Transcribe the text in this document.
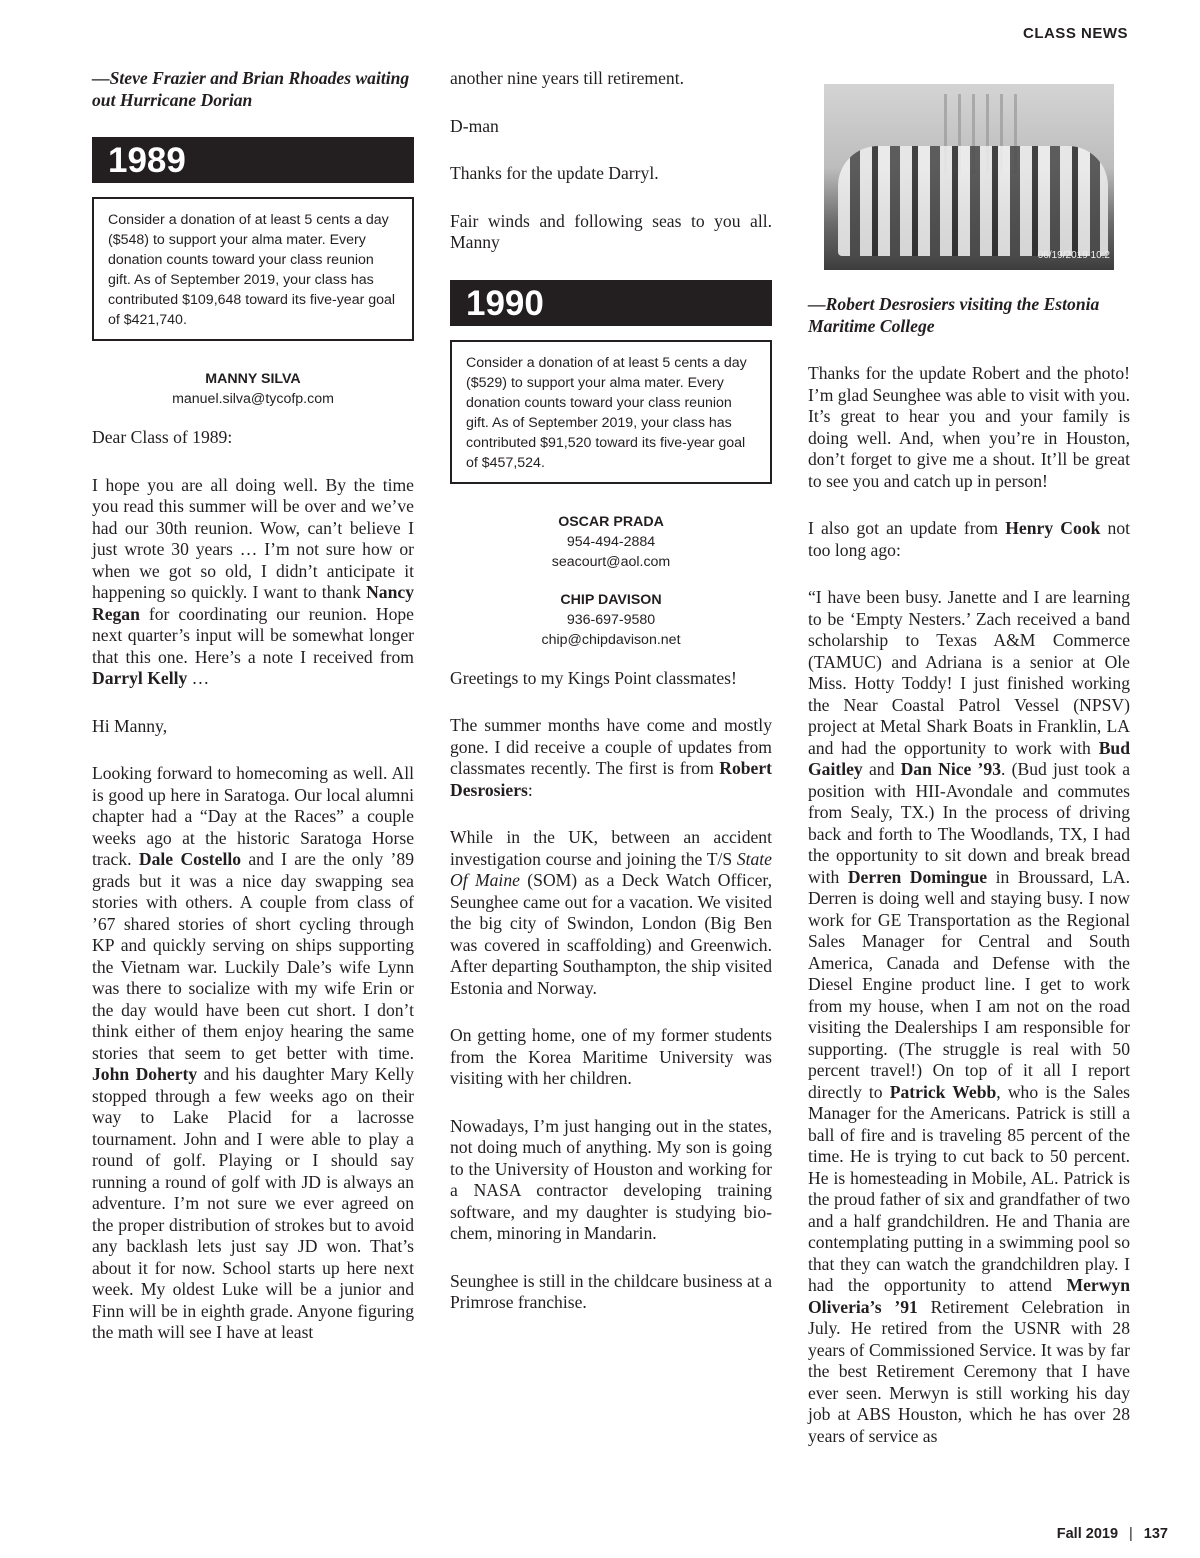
CLASS NEWS

—Steve Frazier and Brian Rhoades waiting out Hurricane Dorian

1989
Consider a donation of at least 5 cents a day ($548) to support your alma mater. Every donation counts toward your class reunion gift. As of September 2019, your class has contributed $109,648 toward its five-year goal of $421,740.
MANNY SILVA
manuel.silva@tycofp.com

Dear Class of 1989:

I hope you are all doing well. By the time you read this summer will be over and we’ve had our 30th reunion. Wow, can’t believe I just wrote 30 years … I’m not sure how or when we got so old, I didn’t anticipate it happening so quickly. I want to thank Nancy Regan for coordinating our reunion. Hope next quarter’s input will be somewhat longer that this one. Here’s a note I received from Darryl Kelly …

Hi Manny,

Looking forward to homecoming as well. All is good up here in Saratoga. Our local alumni chapter had a “Day at the Races” a couple weeks ago at the historic Saratoga Horse track. Dale Costello and I are the only ’89 grads but it was a nice day swapping sea stories with others. A couple from class of ’67 shared stories of short cycling through KP and quickly serving on ships supporting the Vietnam war. Luckily Dale’s wife Lynn was there to socialize with my wife Erin or the day would have been cut short. I don’t think either of them enjoy hearing the same stories that seem to get better with time. John Doherty and his daughter Mary Kelly stopped through a few weeks ago on their way to Lake Placid for a lacrosse tournament. John and I were able to play a round of golf. Playing or I should say running a round of golf with JD is always an adventure. I’m not sure we ever agreed on the proper distribution of strokes but to avoid any backlash lets just say JD won. That’s about it for now. School starts up here next week. My oldest Luke will be a junior and Finn will be in eighth grade. Anyone figuring the math will see I have at least

another nine years till retirement.

D-man

Thanks for the update Darryl.

Fair winds and following seas to you all. Manny

1990
Consider a donation of at least 5 cents a day ($529) to support your alma mater. Every donation counts toward your class reunion gift. As of September 2019, your class has contributed $91,520 toward its five-year goal of $457,524.
OSCAR PRADA
954-494-2884
seacourt@aol.com
CHIP DAVISON
936-697-9580
chip@chipdavison.net

Greetings to my Kings Point classmates!

The summer months have come and mostly gone. I did receive a couple of updates from classmates recently. The first is from Robert Desrosiers:

While in the UK, between an accident investigation course and joining the T/S State Of Maine (SOM) as a Deck Watch Officer, Seunghee came out for a vacation. We visited the big city of Swindon, London (Big Ben was covered in scaffolding) and Greenwich. After departing Southampton, the ship visited Estonia and Norway.

On getting home, one of my former students from the Korea Maritime University was visiting with her children.

Nowadays, I’m just hanging out in the states, not doing much of anything. My son is going to the University of Houston and working for a NASA contractor developing training software, and my daughter is studying bio-chem, minoring in Mandarin.

Seunghee is still in the childcare business at a Primrose franchise.

06/19/2019 10:2

—Robert Desrosiers visiting the Estonia Maritime College

Thanks for the update Robert and the photo! I’m glad Seunghee was able to visit with you. It’s great to hear you and your family is doing well. And, when you’re in Houston, don’t forget to give me a shout. It’ll be great to see you and catch up in person!

I also got an update from Henry Cook not too long ago:

“I have been busy. Janette and I are learning to be ‘Empty Nesters.’ Zach received a band scholarship to Texas A&M Commerce (TAMUC) and Adriana is a senior at Ole Miss. Hotty Toddy! I just finished working the Near Coastal Patrol Vessel (NPSV) project at Metal Shark Boats in Franklin, LA and had the opportunity to work with Bud Gaitley and Dan Nice ’93. (Bud just took a position with HII-Avondale and commutes from Sealy, TX.) In the process of driving back and forth to The Woodlands, TX, I had the opportunity to sit down and break bread with Derren Domingue in Broussard, LA. Derren is doing well and staying busy. I now work for GE Transportation as the Regional Sales Manager for Central and South America, Canada and Defense with the Diesel Engine product line. I get to work from my house, when I am not on the road visiting the Dealerships I am responsible for supporting. (The struggle is real with 50 percent travel!) On top of it all I report directly to Patrick Webb, who is the Sales Manager for the Americans. Patrick is still a ball of fire and is traveling 85 percent of the time. He is trying to cut back to 50 percent. He is homesteading in Mobile, AL. Patrick is the proud father of six and grandfather of two and a half grandchildren. He and Thania are contemplating putting in a swimming pool so that they can watch the grandchildren play. I had the opportunity to attend Merwyn Oliveria’s ’91 Retirement Celebration in July. He retired from the USNR with 28 years of Commissioned Service. It was by far the best Retirement Ceremony that I have ever seen. Merwyn is still working his day job at ABS Houston, which he has over 28 years of service as

Fall 2019 | 137
